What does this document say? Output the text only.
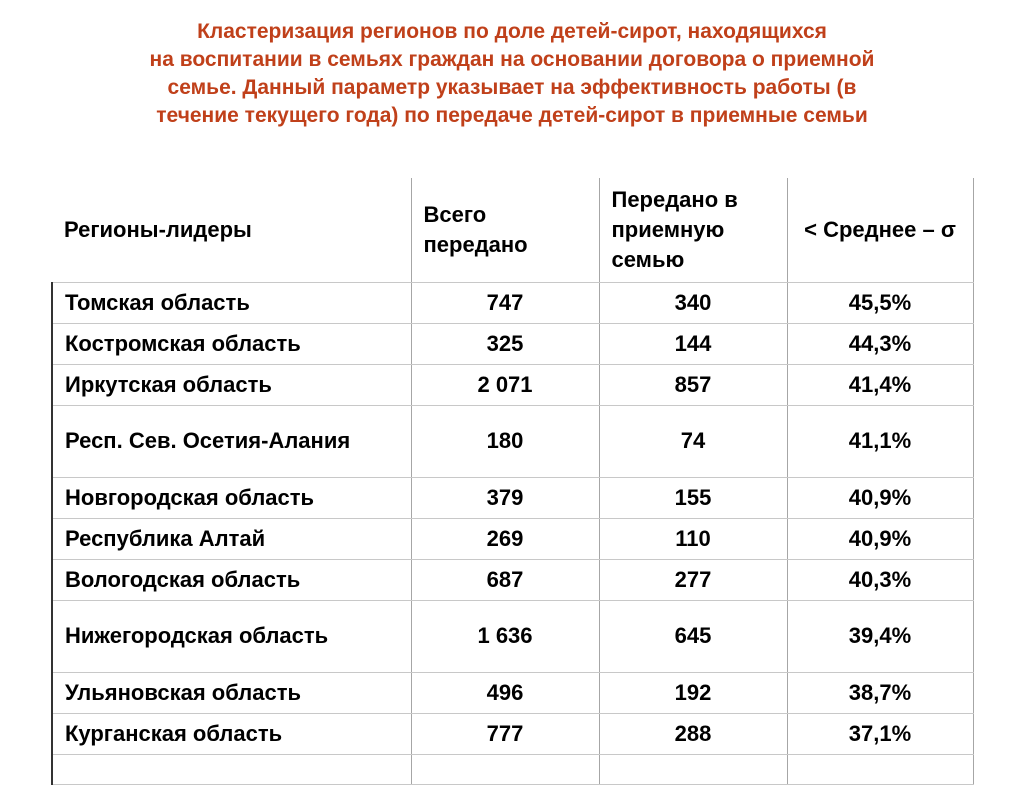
Кластеризация регионов по доле детей-сирот, находящихся
на воспитании в семьях граждан на основании договора о приемной
семье. Данный параметр указывает на эффективность работы (в
течение текущего года) по передаче детей-сирот в приемные семьи
Регионы-лидеры	Всего передано	Передано в приемную семью	< Среднее – σ
Томская область	747	340	45,5%
Костромская область	325	144	44,3%
Иркутская область	2 071	857	41,4%
Респ. Сев. Осетия-Алания	180	74	41,1%
Новгородская область	379	155	40,9%
Республика Алтай	269	110	40,9%
Вологодская область	687	277	40,3%
Нижегородская область	1 636	645	39,4%
Ульяновская область	496	192	38,7%
Курганская область	777	288	37,1%
